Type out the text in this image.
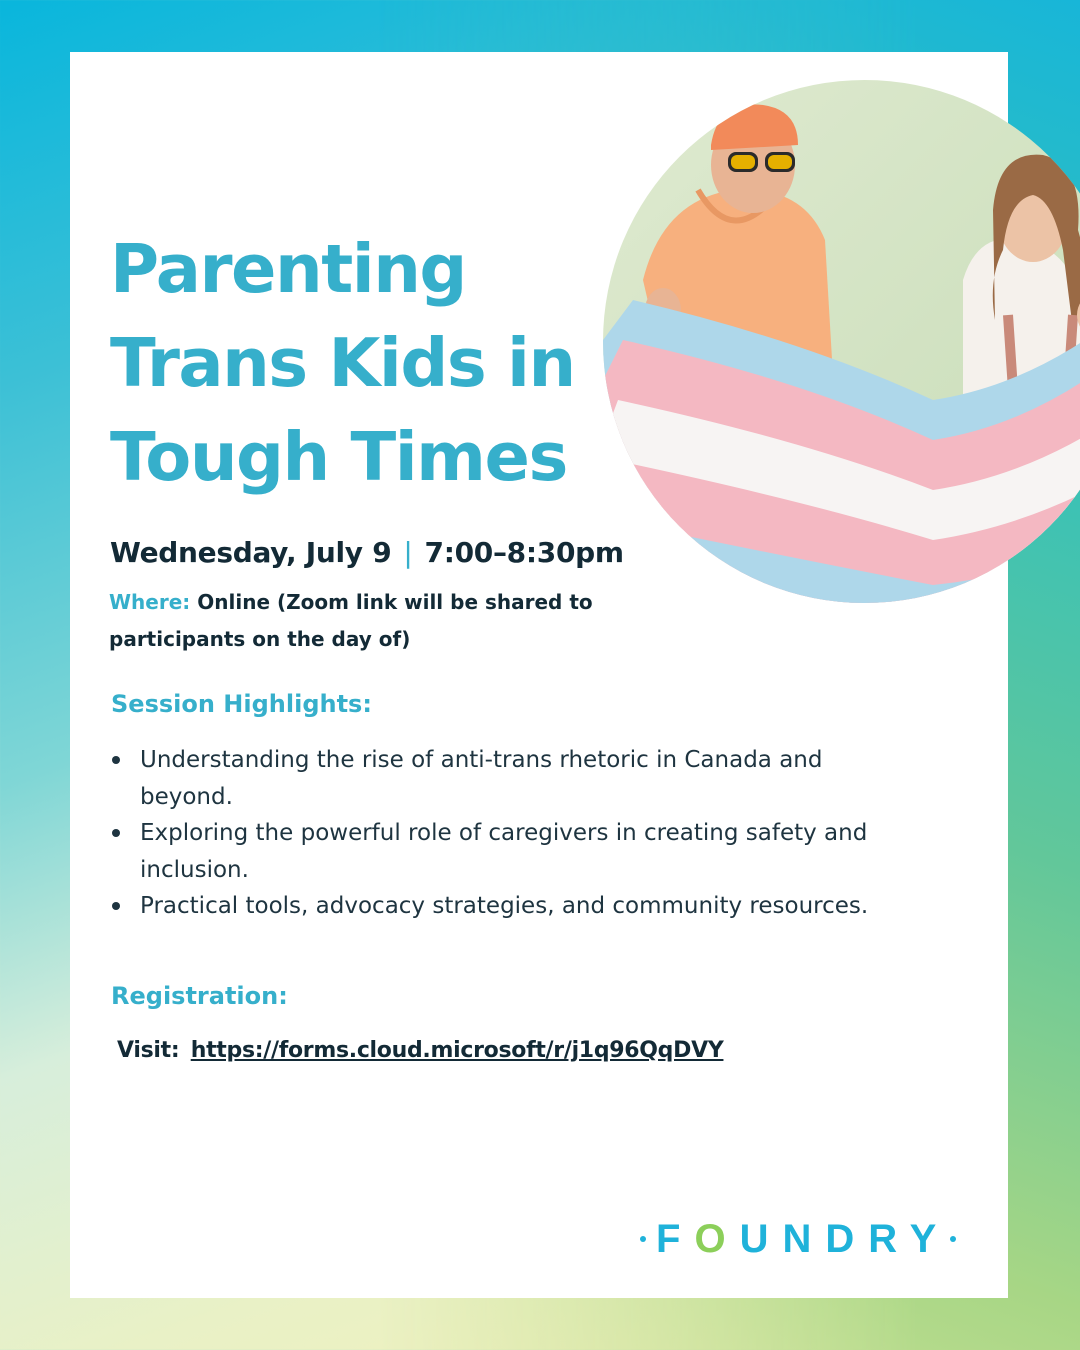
Parenting
Trans Kids in
Tough Times
Wednesday, July 9 | 7:00–8:30pm
Where: Online (Zoom link will be shared to participants on the day of)
Session Highlights:
Understanding the rise of anti-trans rhetoric in Canada and beyond.
Exploring the powerful role of caregivers in creating safety and inclusion.
Practical tools, advocacy strategies, and community resources.
Registration:
Visit: https://forms.cloud.microsoft/r/j1q96QqDVY
FOUNDRY
